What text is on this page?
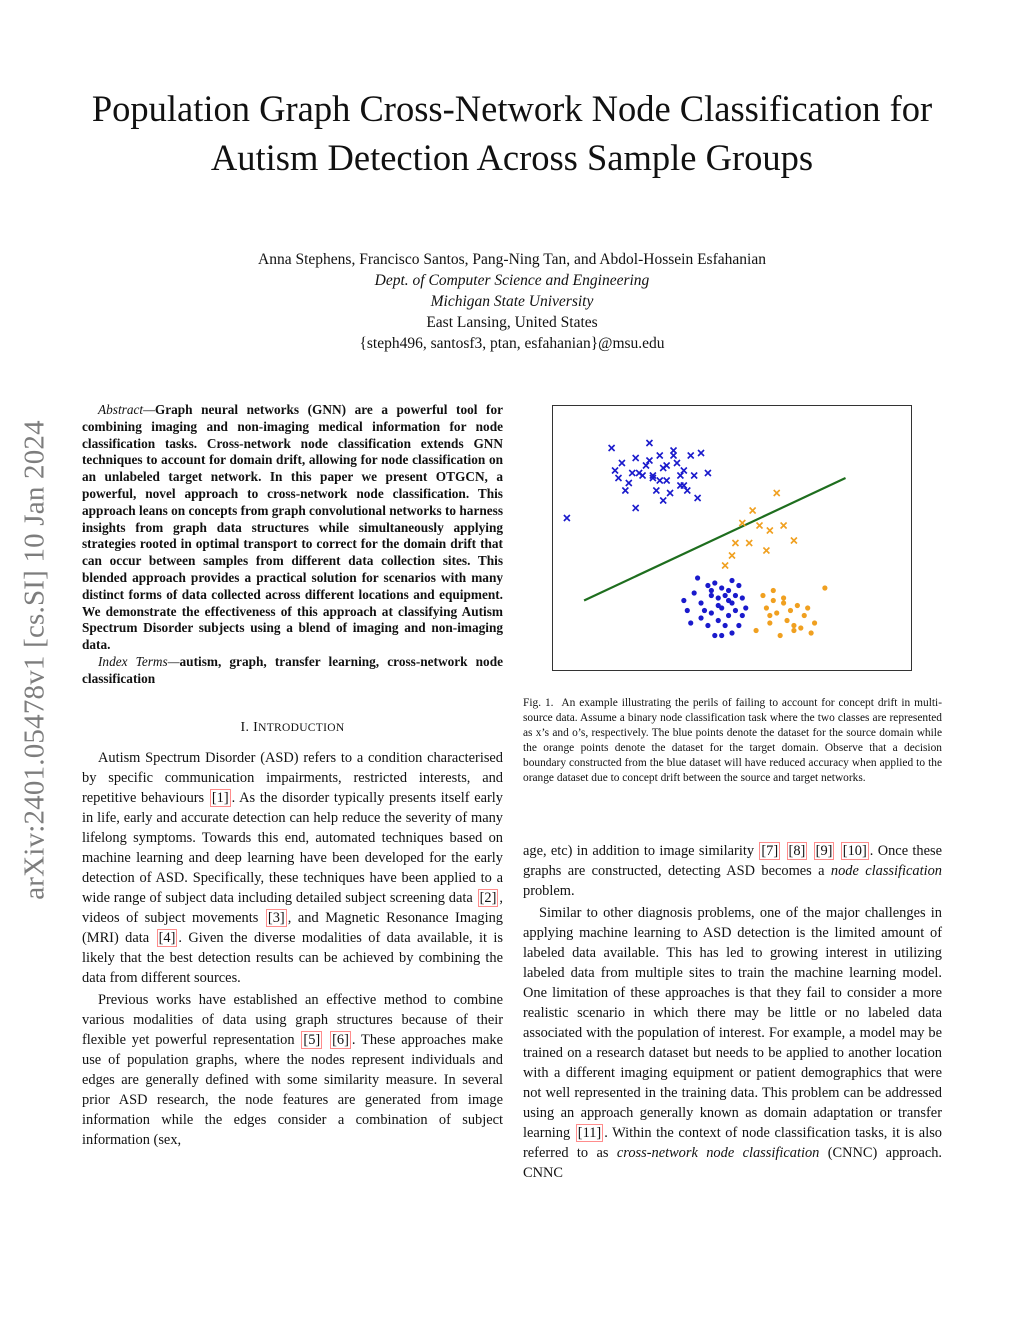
arXiv:2401.05478v1 [cs.SI] 10 Jan 2024
Population Graph Cross-Network Node Classification for Autism Detection Across Sample Groups
Anna Stephens, Francisco Santos, Pang-Ning Tan, and Abdol-Hossein Esfahanian
Dept. of Computer Science and Engineering
Michigan State University
East Lansing, United States
{steph496, santosf3, ptan, esfahanian}@msu.edu

Abstract—Graph neural networks (GNN) are a powerful tool for combining imaging and non-imaging medical information for node classification tasks. Cross-network node classification extends GNN techniques to account for domain drift, allowing for node classification on an unlabeled target network. In this paper we present OTGCN, a powerful, novel approach to cross-network node classification. This approach leans on concepts from graph convolutional networks to harness insights from graph data structures while simultaneously applying strategies rooted in optimal transport to correct for the domain drift that can occur between samples from different data collection sites. This blended approach provides a practical solution for scenarios with many distinct forms of data collected across different locations and equipment. We demonstrate the effectiveness of this approach at classifying Autism Spectrum Disorder subjects using a blend of imaging and non-imaging data.

Index Terms—autism, graph, transfer learning, cross-network node classification

I. INTRODUCTION

Autism Spectrum Disorder (ASD) refers to a condition characterised by specific communication impairments, restricted interests, and repetitive behaviours [1] . As the disorder typically presents itself early in life, early and accurate detection can help reduce the severity of many lifelong symptoms. Towards this end, automated techniques based on machine learning and deep learning have been developed for the early detection of ASD. Specifically, these techniques have been applied to a wide range of subject data including detailed subject screening data [2] , videos of subject movements [3] , and Magnetic Resonance Imaging (MRI) data [4] . Given the diverse modalities of data available, it is likely that the best detection results can be achieved by combining the data from different sources.

Previous works have established an effective method to combine various modalities of data using graph structures because of their flexible yet powerful representation [5] [6] . These approaches make use of population graphs, where the nodes represent individuals and edges are generally defined with some similarity measure. In several prior ASD research, the node features are generated from image information while the edges consider a combination of subject information (sex,

Fig. 1. An example illustrating the perils of failing to account for concept drift in multi-source data. Assume a binary node classification task where the two classes are represented as x’s and o’s, respectively. The blue points denote the dataset for the source domain while the orange points denote the dataset for the target domain. Observe that a decision boundary constructed from the blue dataset will have reduced accuracy when applied to the orange dataset due to concept drift between the source and target networks.

age, etc) in addition to image similarity [7] [8] [9] [10] . Once these graphs are constructed, detecting ASD becomes a node classification problem.

Similar to other diagnosis problems, one of the major challenges in applying machine learning to ASD detection is the limited amount of labeled data available. This has led to growing interest in utilizing labeled data from multiple sites to train the machine learning model. One limitation of these approaches is that they fail to consider a more realistic scenario in which there may be little or no labeled data associated with the population of interest. For example, a model may be trained on a research dataset but needs to be applied to another location with a different imaging equipment or patient demographics that were not well represented in the training data. This problem can be addressed using an approach generally known as domain adaptation or transfer learning [11] . Within the context of node classification tasks, it is also referred to as cross-network node classification (CNNC) approach. CNNC
